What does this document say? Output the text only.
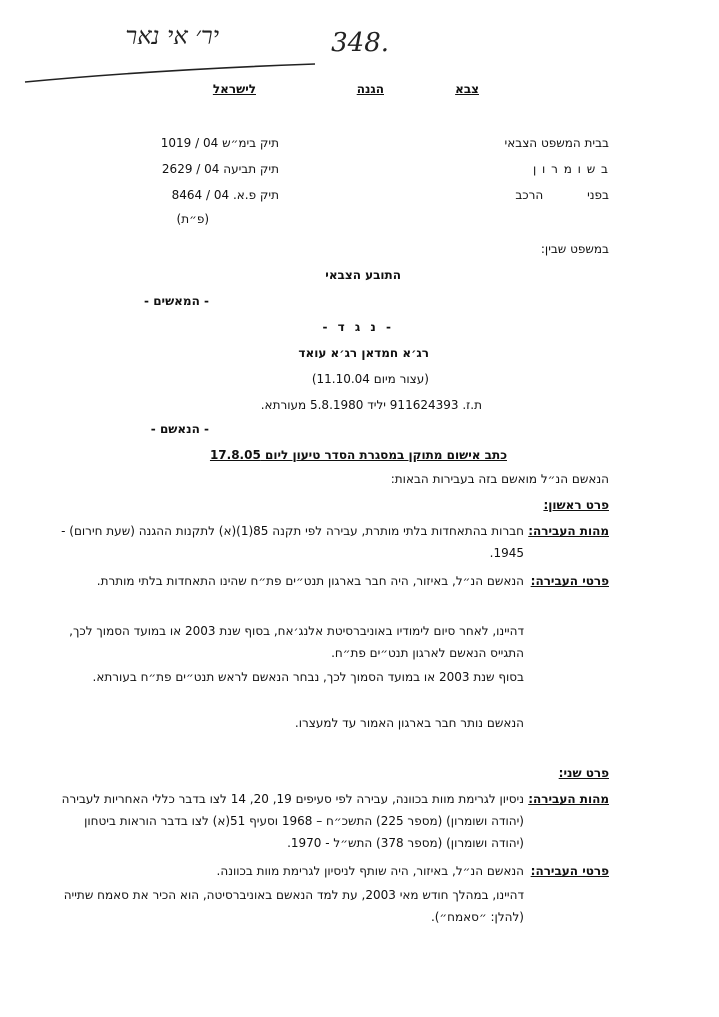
יר׳ אי נאר	348.
צבא
הגנה
לישראל
בבית המשפט הצבאי
ב ש ו מ ר ו ן
בפני הרכב
תיק בימ״ש 04 / 1019
תיק תביעה 04 / 2629
תיק פ.א. 04 / 8464
(פ״ת)
במשפט שבין:
התובע הצבאי
- המאשים -
- נ ג ד -
רג׳א חמדאן רג׳א עואד
(עצור מיום 11.10.04)
ת.ז. 911624393 יליד 5.8.1980 מעורתא.
- הנאשם -
כתב אישום מתוקן במסגרת הסדר טיעון ליום 17.8.05
הנאשם הנ״ל מואשם בזה בעבירות הבאות:
פרט ראשון:
מהות העבירה:
חברות בהתאחדות בלתי מותרת, עבירה לפי תקנה 85(1)(א) לתקנות ההגנה (שעת חירום) - 1945.
פרטי העבירה:
הנאשם הנ״ל, באיזור, היה חבר בארגון תנט״ים פת״ח שהינו התאחדות בלתי מותרת.
דהיינו, לאחר סיום לימודיו באוניברסיטת אלנג׳אח, בסוף שנת 2003 או במועד הסמוך לכך, התגייס הנאשם לארגון תנט״ים פת״ח.
בסוף שנת 2003 או במועד הסמוך לכך, נבחר הנאשם לראש תנט״ים פת״ח בעורתא.
הנאשם נותר חבר בארגון האמור עד למעצרו.
פרט שני:
מהות העבירה:
ניסיון לגרימת מוות בכוונה, עבירה לפי סעיפים 19, 20, 14 לצו בדבר כללי האחריות לעבירה (יהודה ושומרון) (מספר 225) התשכ״ח – 1968 וסעיף 51(א) לצו בדבר הוראות ביטחון (יהודה ושומרון) (מספר 378) התש״ל - 1970.
פרטי העבירה:
הנאשם הנ״ל, באיזור, היה שותף לניסיון לגרימת מוות בכוונה.
דהיינו, במהלך חודש מאי 2003, עת למד הנאשם באוניברסיטה, הוא הכיר את סאמח שתייה (להלן: ״סאמח״).
